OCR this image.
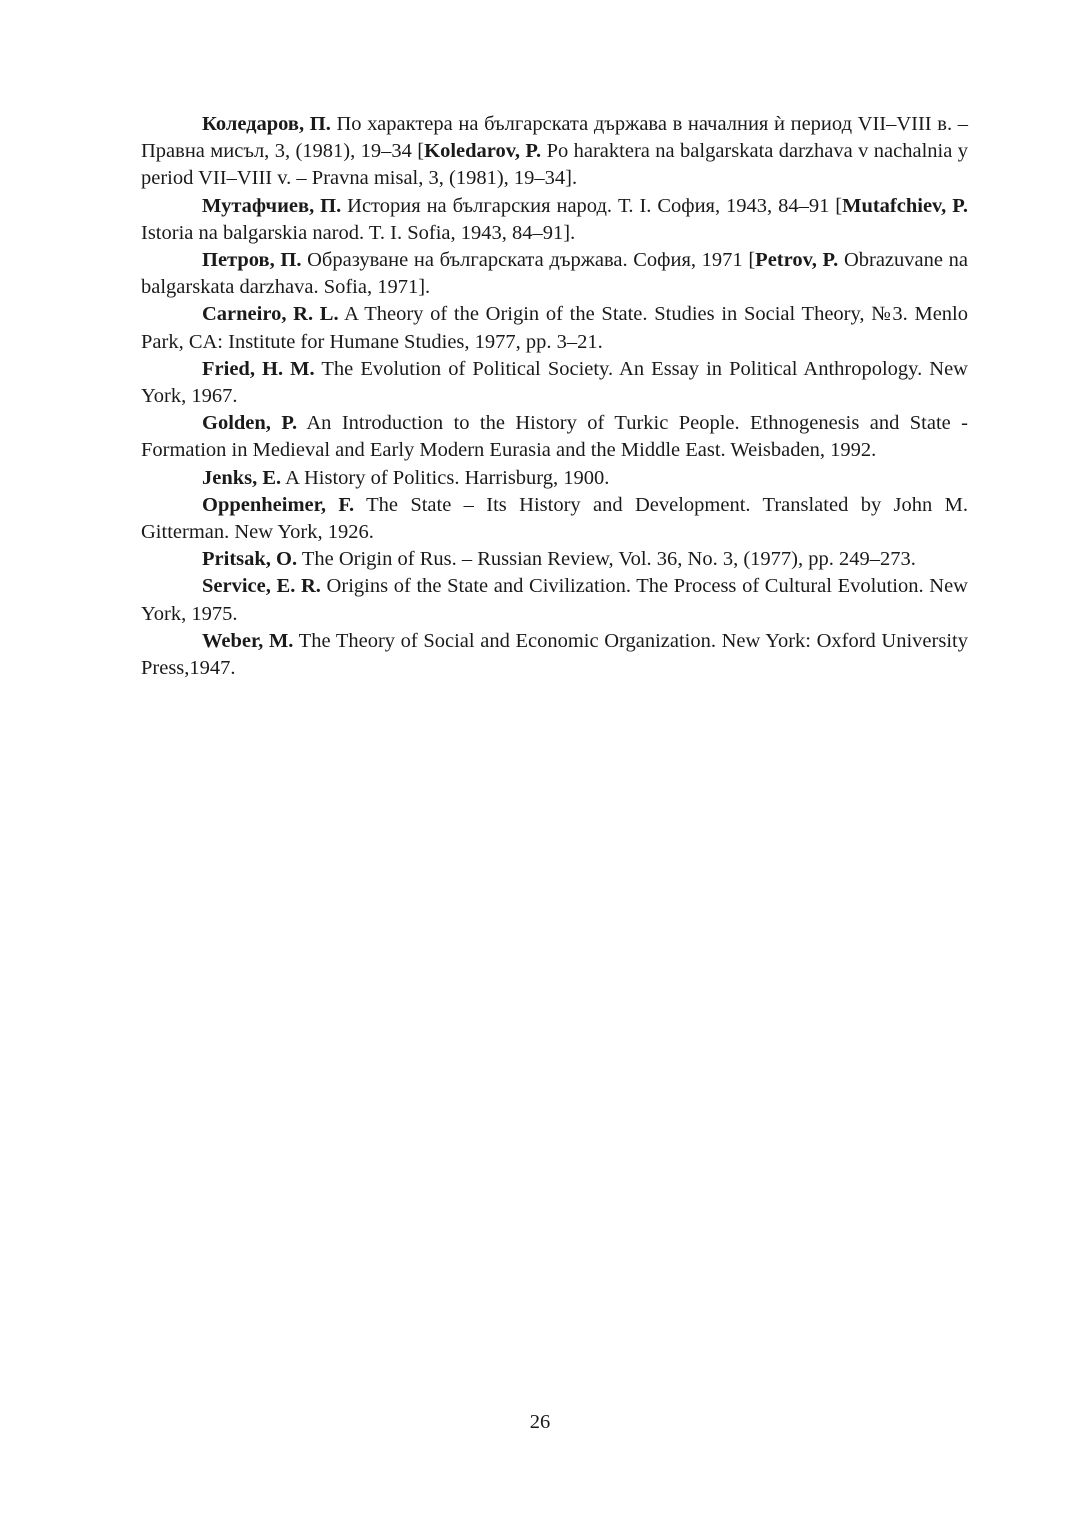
Коледаров, П. По характера на българската държава в началния ѝ период VII–VIII в. – Правна мисъл, 3, (1981), 19–34 [Koledarov, P. Po haraktera na balgarskata darzhava v nachalnia y period VII–VIII v. – Pravna misal, 3, (1981), 19–34].

Мутафчиев, П. История на българския народ. Т. I. София, 1943, 84–91 [Mutafchiev, P. Istoria na balgarskia narod. T. I. Sofia, 1943, 84–91].

Петров, П. Образуване на българската държава. София, 1971 [Petrov, P. Obrazuvane na balgarskata darzhava. Sofia, 1971].

Carneiro, R. L. A Theory of the Origin of the State. Studies in Social Theory, №3. Menlo Park, CA: Institute for Humane Studies, 1977, pp. 3–21.

Fried, H. M. The Evolution of Political Society. An Essay in Political Anthropology. New York, 1967.

Golden, P. An Introduction to the History of Turkic People. Ethnogenesis and State - Formation in Medieval and Early Modern Eurasia and the Middle East. Weisbaden, 1992.

Jenks, E. A History of Politics. Harrisburg, 1900.

Oppenheimer, F. The State – Its History and Development. Translated by John M. Gitterman. New York, 1926.

Pritsak, O. The Origin of Rus. – Russian Review, Vol. 36, No. 3, (1977), pp. 249–273.

Service, E. R. Origins of the State and Civilization. The Process of Cultural Evolution. New York, 1975.

Weber, M. The Theory of Social and Economic Organization. New York: Oxford University Press,1947.

26
